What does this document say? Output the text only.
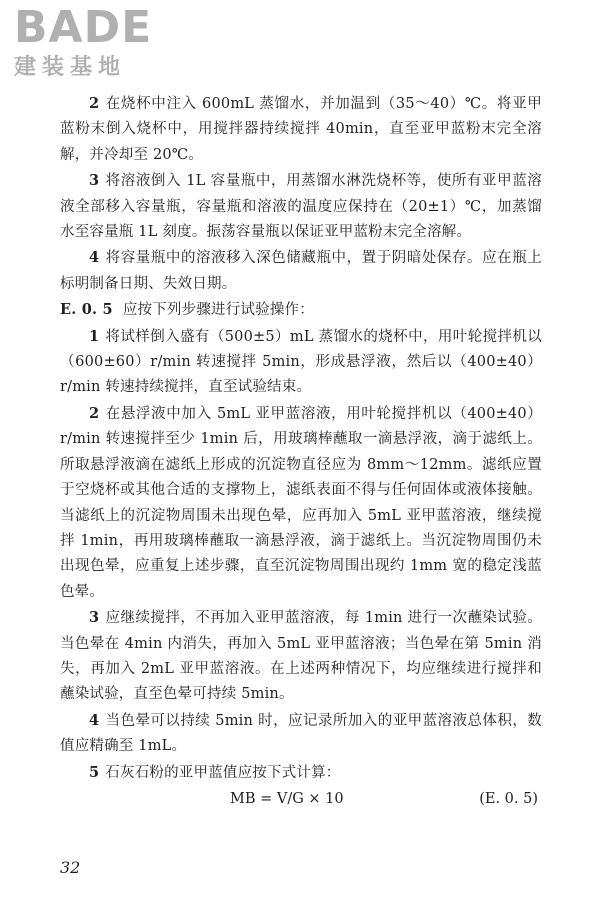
BADE
建装基地

2 在烧杯中注入 600mL 蒸馏水，并加温到（35～40）℃。将亚甲蓝粉末倒入烧杯中，用搅拌器持续搅拌 40min，直至亚甲蓝粉末完全溶解，并冷却至 20℃。

3 将溶液倒入 1L 容量瓶中，用蒸馏水淋洗烧杯等，使所有亚甲蓝溶液全部移入容量瓶，容量瓶和溶液的温度应保持在（20±1）℃，加蒸馏水至容量瓶 1L 刻度。振荡容量瓶以保证亚甲蓝粉末完全溶解。

4 将容量瓶中的溶液移入深色储藏瓶中，置于阴暗处保存。应在瓶上标明制备日期、失效日期。

E. 0. 5 应按下列步骤进行试验操作：

1 将试样倒入盛有（500±5）mL 蒸馏水的烧杯中，用叶轮搅拌机以（600±60）r/min 转速搅拌 5min，形成悬浮液，然后以（400±40）r/min 转速持续搅拌，直至试验结束。

2 在悬浮液中加入 5mL 亚甲蓝溶液，用叶轮搅拌机以（400±40）r/min 转速搅拌至少 1min 后，用玻璃棒蘸取一滴悬浮液，滴于滤纸上。所取悬浮液滴在滤纸上形成的沉淀物直径应为 8mm～12mm。滤纸应置于空烧杯或其他合适的支撑物上，滤纸表面不得与任何固体或液体接触。当滤纸上的沉淀物周围未出现色晕，应再加入 5mL 亚甲蓝溶液，继续搅拌 1min，再用玻璃棒蘸取一滴悬浮液，滴于滤纸上。当沉淀物周围仍未出现色晕，应重复上述步骤，直至沉淀物周围出现约 1mm 宽的稳定浅蓝色晕。

3 应继续搅拌，不再加入亚甲蓝溶液，每 1min 进行一次蘸染试验。当色晕在 4min 内消失，再加入 5mL 亚甲蓝溶液；当色晕在第 5min 消失，再加入 2mL 亚甲蓝溶液。在上述两种情况下，均应继续进行搅拌和蘸染试验，直至色晕可持续 5min。

4 当色晕可以持续 5min 时，应记录所加入的亚甲蓝溶液总体积，数值应精确至 1mL。

5 石灰石粉的亚甲蓝值应按下式计算：

MB = V/G × 10	(E. 0. 5)
32
